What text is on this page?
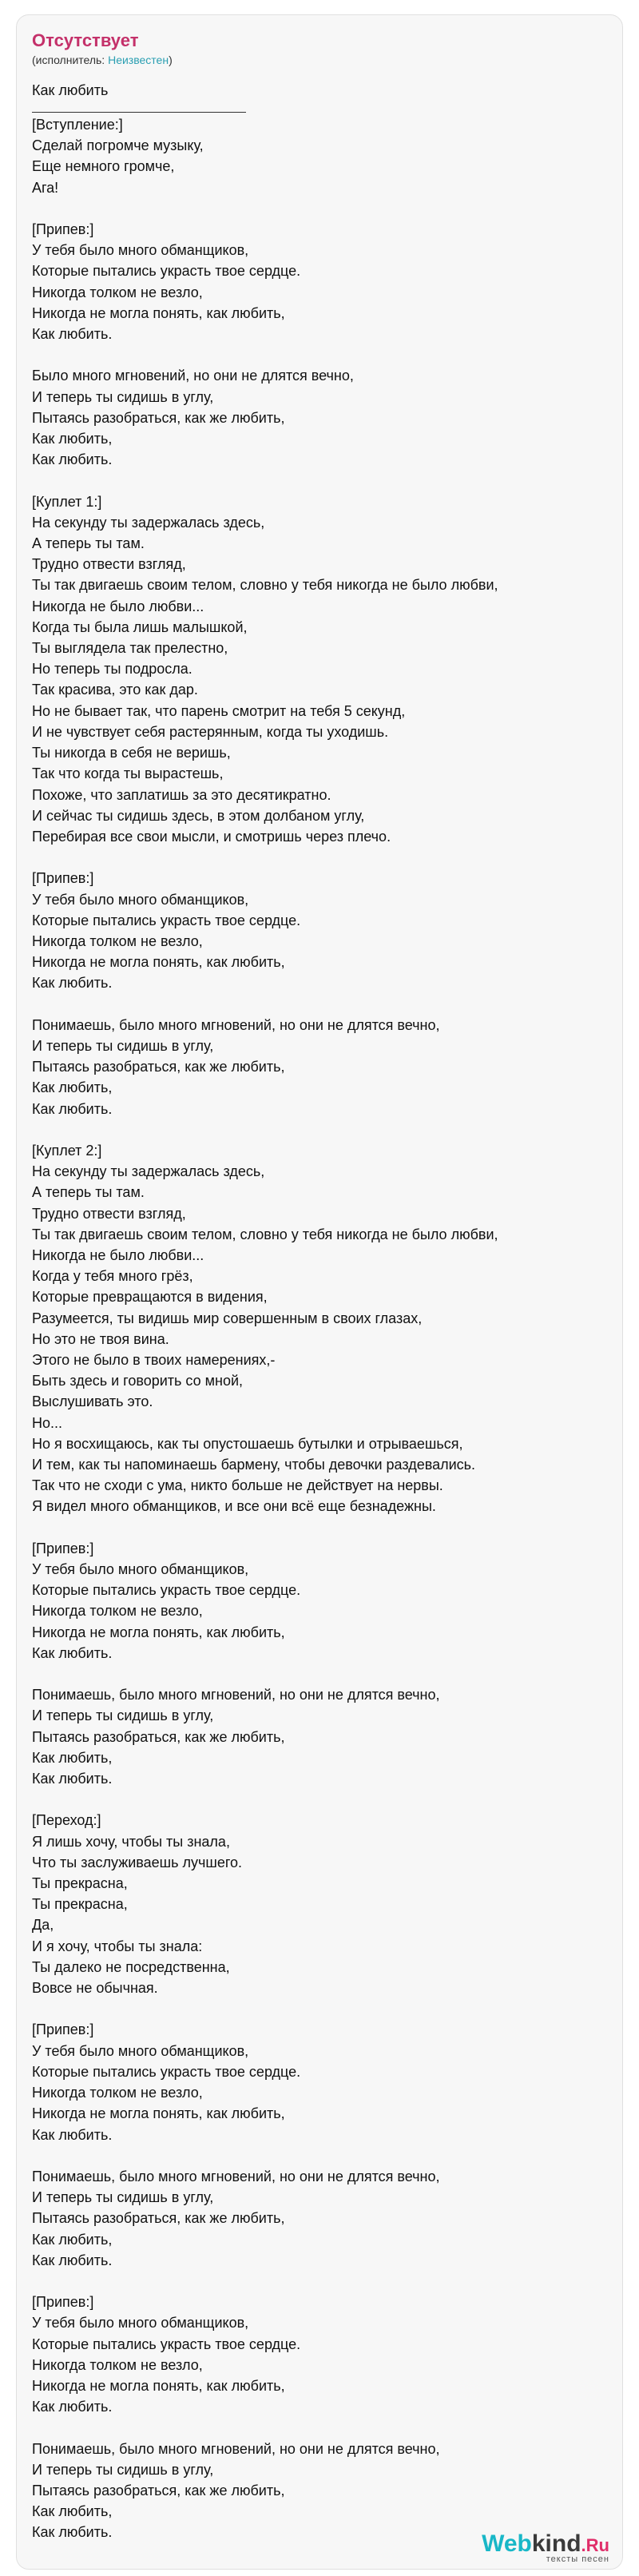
Webkind.Ru
тексты песен
Отсутствует

(исполнитель: Неизвестен)

Как любить
[Вступление:]
Сделай погромче музыку,
Еще немного громче,
Ага!

[Припев:]
У тебя было много обманщиков,
Которые пытались украсть твое сердце.
Никогда толком не везло,
Никогда не могла понять, как любить,
Как любить.

Было много мгновений, но они не длятся вечно,
И теперь ты сидишь в углу,
Пытаясь разобраться, как же любить,
Как любить,
Как любить.

[Куплет 1:]
На секунду ты задержалась здесь,
А теперь ты там.
Трудно отвести взгляд,
Ты так двигаешь своим телом, словно у тебя никогда не было любви,
Никогда не было любви...
Когда ты была лишь малышкой,
Ты выглядела так прелестно,
Но теперь ты подросла.
Так красива, это как дар.
Но не бывает так, что парень смотрит на тебя 5 секунд,
И не чувствует себя растерянным, когда ты уходишь.
Ты никогда в себя не веришь,
Так что когда ты вырастешь,
Похоже, что заплатишь за это десятикратно.
И сейчас ты сидишь здесь, в этом долбаном углу,
Перебирая все свои мысли, и смотришь через плечо.

[Припев:]
У тебя было много обманщиков,
Которые пытались украсть твое сердце.
Никогда толком не везло,
Никогда не могла понять, как любить,
Как любить.

Понимаешь, было много мгновений, но они не длятся вечно,
И теперь ты сидишь в углу,
Пытаясь разобраться, как же любить,
Как любить,
Как любить.

[Куплет 2:]
На секунду ты задержалась здесь,
А теперь ты там.
Трудно отвести взгляд,
Ты так двигаешь своим телом, словно у тебя никогда не было любви,
Никогда не было любви...
Когда у тебя много грёз,
Которые превращаются в видения,
Разумеется, ты видишь мир совершенным в своих глазах,
Но это не твоя вина.
Этого не было в твоих намерениях,-
Быть здесь и говорить со мной,
Выслушивать это.
Но...
Но я восхищаюсь, как ты опустошаешь бутылки и отрываешься,
И тем, как ты напоминаешь бармену, чтобы девочки раздевались.
Так что не сходи с ума, никто больше не действует на нервы.
Я видел много обманщиков, и все они всё еще безнадежны.

[Припев:]
У тебя было много обманщиков,
Которые пытались украсть твое сердце.
Никогда толком не везло,
Никогда не могла понять, как любить,
Как любить.

Понимаешь, было много мгновений, но они не длятся вечно,
И теперь ты сидишь в углу,
Пытаясь разобраться, как же любить,
Как любить,
Как любить.

[Переход:]
Я лишь хочу, чтобы ты знала,
Что ты заслуживаешь лучшего.
Ты прекрасна,
Ты прекрасна,
Да,
И я хочу, чтобы ты знала:
Ты далеко не посредственна,
Вовсе не обычная.

[Припев:]
У тебя было много обманщиков,
Которые пытались украсть твое сердце.
Никогда толком не везло,
Никогда не могла понять, как любить,
Как любить.

Понимаешь, было много мгновений, но они не длятся вечно,
И теперь ты сидишь в углу,
Пытаясь разобраться, как же любить,
Как любить,
Как любить.

[Припев:]
У тебя было много обманщиков,
Которые пытались украсть твое сердце.
Никогда толком не везло,
Никогда не могла понять, как любить,
Как любить.

Понимаешь, было много мгновений, но они не длятся вечно,
И теперь ты сидишь в углу,
Пытаясь разобраться, как же любить,
Как любить,
Как любить.
